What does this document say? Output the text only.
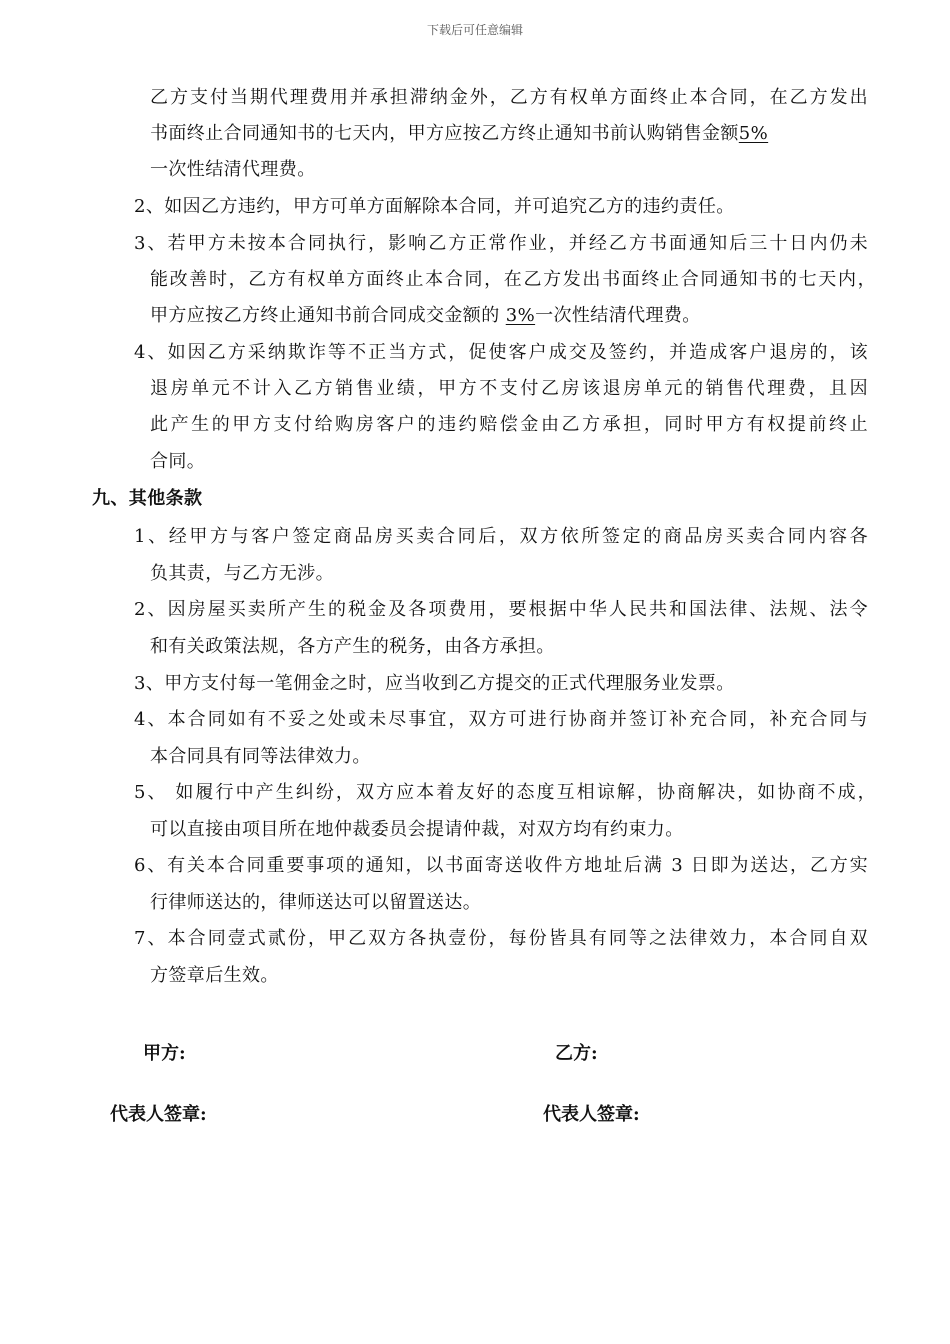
下载后可任意编辑
乙方支付当期代理费用并承担滞纳金外，乙方有权单方面终止本合同，在乙方发出
书面终止合同通知书的七天内，甲方应按乙方终止通知书前认购销售金额5%
一次性结清代理费。
2、如因乙方违约，甲方可单方面解除本合同，并可追究乙方的违约责任。
3、若甲方未按本合同执行，影响乙方正常作业，并经乙方书面通知后三十日内仍未
能改善时，乙方有权单方面终止本合同，在乙方发出书面终止合同通知书的七天内，
甲方应按乙方终止通知书前合同成交金额的 3%一次性结清代理费。
4、如因乙方采纳欺诈等不正当方式，促使客户成交及签约，并造成客户退房的，该
退房单元不计入乙方销售业绩，甲方不支付乙房该退房单元的销售代理费，且因
此产生的甲方支付给购房客户的违约赔偿金由乙方承担，同时甲方有权提前终止
合同。
九、其他条款
1、经甲方与客户签定商品房买卖合同后，双方依所签定的商品房买卖合同内容各
负其责，与乙方无涉。
2、因房屋买卖所产生的税金及各项费用，要根据中华人民共和国法律、法规、法令
和有关政策法规，各方产生的税务，由各方承担。
3、甲方支付每一笔佣金之时，应当收到乙方提交的正式代理服务业发票。
4、本合同如有不妥之处或未尽事宜，双方可进行协商并签订补充合同，补充合同与
本合同具有同等法律效力。
5、 如履行中产生纠纷，双方应本着友好的态度互相谅解，协商解决，如协商不成，
可以直接由项目所在地仲裁委员会提请仲裁，对双方均有约束力。
6、有关本合同重要事项的通知，以书面寄送收件方地址后满 3 日即为送达，乙方实
行律师送达的，律师送达可以留置送达。
7、本合同壹式贰份，甲乙双方各执壹份，每份皆具有同等之法律效力，本合同自双
方签章后生效。
甲方:	乙方:
代表人签章:	代表人签章:
